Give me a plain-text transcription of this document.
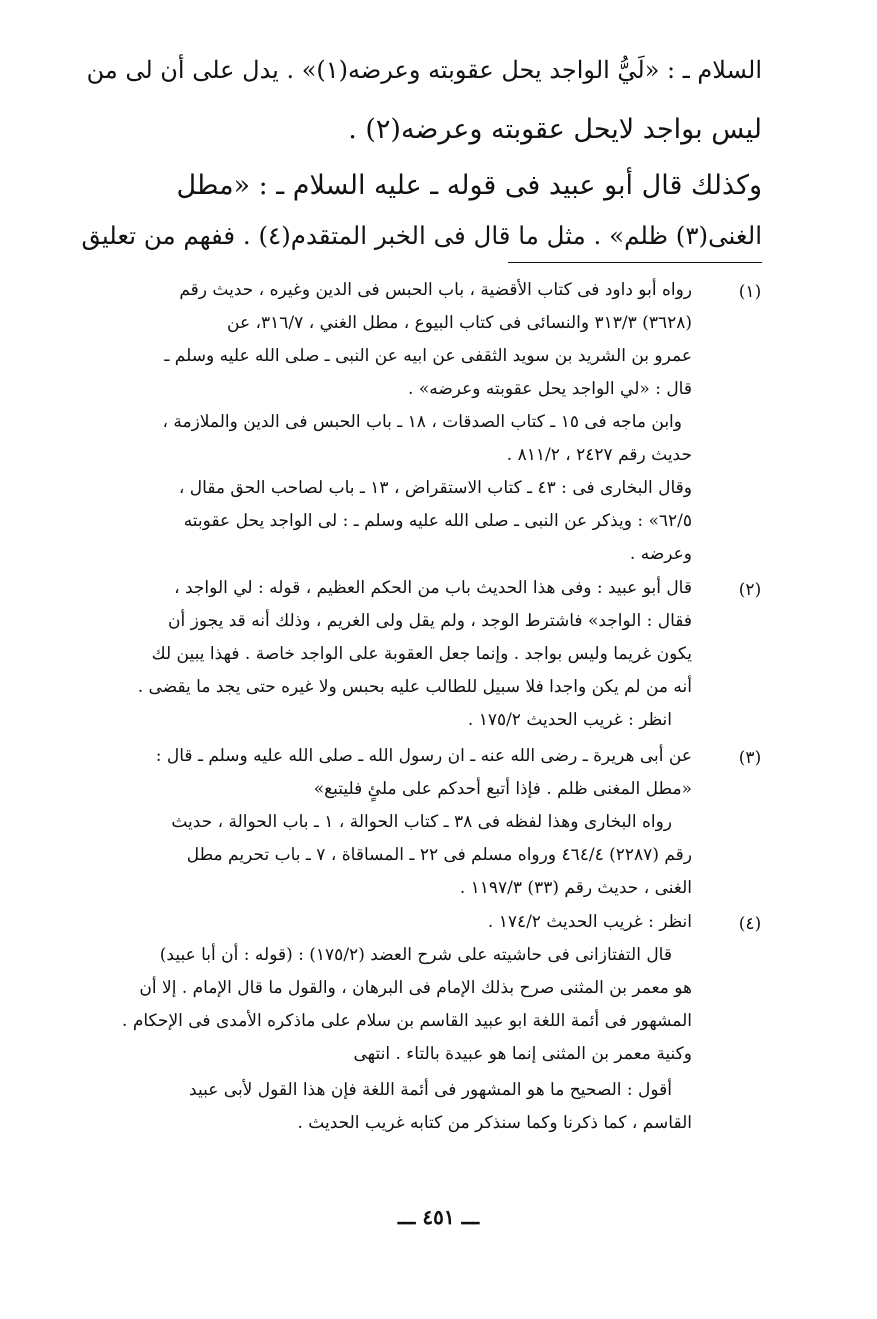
السلام ـ : «لَيُّ الواجد يحل عقوبته وعرضه(١)» . يدل على أن لى من
ليس بواجد لايحل عقوبته وعرضه(٢) .
وكذلك قال أبو عبيد فى قوله ـ عليه السلام ـ : «مطل
الغنى(٣) ظلم» . مثل ما قال فى الخبر المتقدم(٤) . ففهم من تعليق
(١)
رواه أبو داود فى كتاب الأقضية ، باب الحبس فى الدين وغيره ، حديث رقم
(٣٦٢٨) ٣١٣/٣ والنسائى فى كتاب البيوع ، مطل الغني ، ٣١٦/٧، عن
عمرو بن الشريد بن سويد الثقفى عن ابيه عن النبى ـ صلى الله عليه وسلم ـ
قال : «لي الواجد يحل عقوبته وعرضه» .
وابن ماجه فى ١٥ ـ كتاب الصدقات ، ١٨ ـ باب الحبس فى الدين والملازمة ،
حديث رقم ٢٤٢٧ ، ٨١١/٢ .
وقال البخارى فى : ٤٣ ـ كتاب الاستقراض ، ١٣ ـ باب لصاحب الحق مقال ،
٦٢/٥» : ويذكر عن النبى ـ صلى الله عليه وسلم ـ : لى الواجد يحل عقوبته
وعرضه .
(٢)
قال أبو عبيد : وفى هذا الحديث باب من الحكم العظيم ، قوله : لي الواجد ،
فقال : الواجد» فاشترط الوجد ، ولم يقل ولى الغريم ، وذلك أنه قد يجوز أن
يكون غريما وليس بواجد . وإنما جعل العقوبة على الواجد خاصة . فهذا يبين لك
أنه من لم يكن واجدا فلا سبيل للطالب عليه بحبس ولا غيره حتى يجد ما يقضى .
انظر : غريب الحديث ١٧٥/٢ .
(٣)
عن أبى هريرة ـ رضى الله عنه ـ ان رسول الله ـ صلى الله عليه وسلم ـ قال :
«مطل المغنى ظلم . فإذا أتبع أحدكم على ملئٍ فليتبع»
رواه البخارى وهذا لفظه فى ٣٨ ـ كتاب الحوالة ، ١ ـ باب الحوالة ، حديث
رقم (٢٢٨٧) ٤٦٤/٤ ورواه مسلم فى ٢٢ ـ المساقاة ، ٧ ـ باب تحريم مطل
الغنى ، حديث رقم (٣٣) ١١٩٧/٣ .
(٤)
انظر : غريب الحديث ١٧٤/٢ .
قال التفتازانى فى حاشيته على شرح العضد (١٧٥/٢) : (قوله : أن أبا عبيد)
هو معمر بن المثنى صرح بذلك الإمام فى البرهان ، والقول ما قال الإمام . إلا أن
المشهور فى أئمة اللغة ابو عبيد القاسم بن سلام على ماذكره الأمدى فى الإحكام .
وكنية معمر بن المثنى إنما هو عبيدة بالتاء . انتهى
أقول : الصحيح ما هو المشهور فى أئمة اللغة فإن هذا القول لأبى عبيد
القاسم ، كما ذكرنا وكما سنذكر من كتابه غريب الحديث .
ـــ ٤٥١ ـــ
